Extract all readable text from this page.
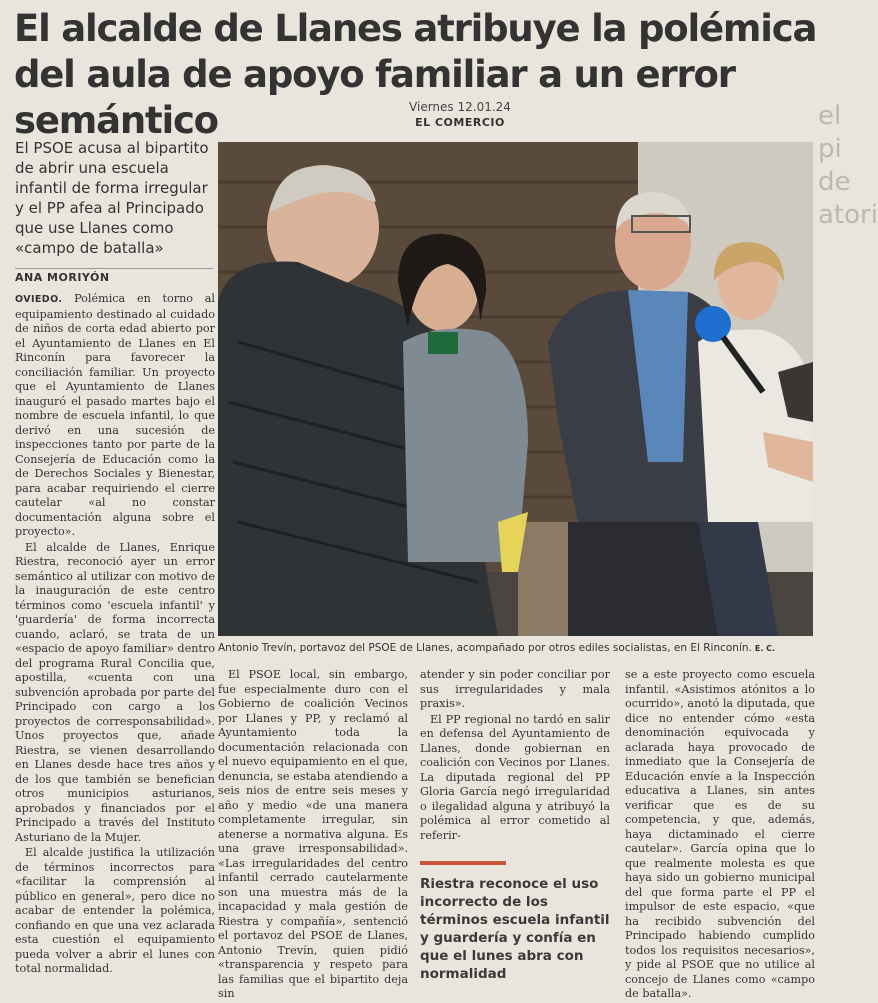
El alcalde de Llanes atribuye la polémica del aula de apoyo familiar a un error semántico	Viernes 12.01.24
EL COMERCIO	el pi
de
atori

El PSOE acusa al bipartito de abrir una escuela infantil de forma irregular y el PP afea al Principado que use Llanes como «campo de batalla»

ANA MORIYÓN

OVIEDO. Polémica en torno al equipamiento destinado al cuidado de niños de corta edad abierto por el Ayuntamiento de Llanes en El Rinconín para favorecer la conciliación familiar. Un proyecto que el Ayuntamiento de Llanes inauguró el pasado martes bajo el nombre de escuela infantil, lo que derivó en una sucesión de inspecciones tanto por parte de la Consejería de Educación como la de Derechos Sociales y Bienestar, para acabar requiriendo el cierre cautelar «al no constar documentación alguna sobre el proyecto».

El alcalde de Llanes, Enrique Riestra, reconoció ayer un error semántico al utilizar con motivo de la inauguración de este centro términos como 'escuela infantil' y 'guardería' de forma incorrecta cuando, aclaró, se trata de un «espacio de apoyo familiar» dentro del programa Rural Concilia que, apostilla, «cuenta con una subvención aprobada por parte del Principado con cargo a los proyectos de corresponsabilidad». Unos proyectos que, añade Riestra, se vienen desarrollando en Llanes desde hace tres años y de los que también se benefician otros municipios asturianos, aprobados y financiados por el Principado a través del Instituto Asturiano de la Mujer.

El alcalde justifica la utilización de términos incorrectos para «facilitar la comprensión al público en general», pero dice no acabar de entender la polémica, confiando en que una vez aclarada esta cuestión el equipamiento pueda volver a abrir el lunes con total normalidad.

Antonio Trevín, portavoz del PSOE de Llanes, acompañado por otros ediles socialistas, en El Rinconín. E. C.

El PSOE local, sin embargo, fue especialmente duro con el Gobierno de coalición Vecinos por Llanes y PP, y reclamó al Ayuntamiento toda la documentación relacionada con el nuevo equipamiento en el que, denuncia, se estaba atendiendo a seis nios de entre seis meses y año y medio «de una manera completamente irregular, sin atenerse a normativa alguna. Es una grave irresponsabilidad». «Las irregularidades del centro infantil cerrado cautelarmente son una muestra más de la incapacidad y mala gestión de Riestra y compañía», sentenció el portavoz del PSOE de Llanes, Antonio Trevín, quien pidió «transparencia y respeto para las familias que el bipartito deja sin

atender y sin poder conciliar por sus irregularidades y mala praxis».

El PP regional no tardó en salir en defensa del Ayuntamiento de Llanes, donde gobiernan en coalición con Vecinos por Llanes. La diputada regional del PP Gloria García negó irregularidad o ilegalidad alguna y atribuyó la polémica al error cometido al referir-

Riestra reconoce el uso incorrecto de los términos escuela infantil y guardería y confía en que el lunes abra con normalidad

se a este proyecto como escuela infantil. «Asistimos atónitos a lo ocurrido», anotó la diputada, que dice no entender cómo «esta denominación equivocada y aclarada haya provocado de inmediato que la Consejería de Educación envíe a la Inspección educativa a Llanes, sin antes verificar que es de su competencia, y que, además, haya dictaminado el cierre cautelar». García opina que lo que realmente molesta es que haya sido un gobierno municipal del que forma parte el PP el impulsor de este espacio, «que ha recibido subvención del Principado habiendo cumplido todos los requisitos necesarios», y pide al PSOE que no utilice al concejo de Llanes como «campo de batalla».
